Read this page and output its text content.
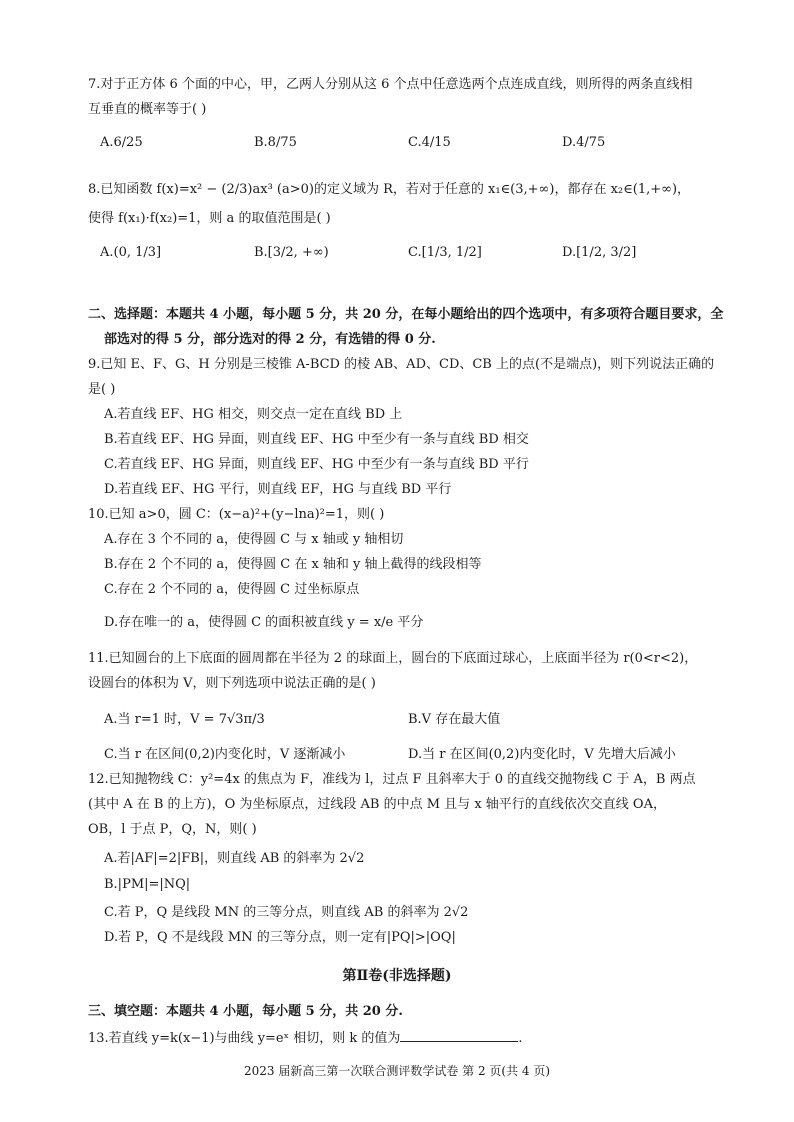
7.对于正方体 6 个面的中心，甲，乙两人分别从这 6 个点中任意选两个点连成直线，则所得的两条直线相
互垂直的概率等于( )
A.6/25	B.8/75	C.4/15	D.4/75
8.已知函数 f(x)=x² − (2/3)ax³ (a>0)的定义域为 R，若对于任意的 x₁∈(3,+∞)，都存在 x₂∈(1,+∞)，
使得 f(x₁)·f(x₂)=1，则 a 的取值范围是( )
A.(0, 1/3]	B.[3/2, +∞)	C.[1/3, 1/2]	D.[1/2, 3/2]
二、选择题：本题共 4 小题，每小题 5 分，共 20 分，在每小题给出的四个选项中，有多项符合题目要求，全
部选对的得 5 分，部分选对的得 2 分，有选错的得 0 分.
9.已知 E、F、G、H 分别是三棱锥 A-BCD 的棱 AB、AD、CD、CB 上的点(不是端点)，则下列说法正确的
是( )
A.若直线 EF、HG 相交，则交点一定在直线 BD 上
B.若直线 EF、HG 异面，则直线 EF、HG 中至少有一条与直线 BD 相交
C.若直线 EF、HG 异面，则直线 EF、HG 中至少有一条与直线 BD 平行
D.若直线 EF、HG 平行，则直线 EF，HG 与直线 BD 平行
10.已知 a>0，圆 C：(x−a)²+(y−lna)²=1，则( )
A.存在 3 个不同的 a，使得圆 C 与 x 轴或 y 轴相切
B.存在 2 个不同的 a，使得圆 C 在 x 轴和 y 轴上截得的线段相等
C.存在 2 个不同的 a，使得圆 C 过坐标原点
D.存在唯一的 a，使得圆 C 的面积被直线 y = x/e 平分
11.已知圆台的上下底面的圆周都在半径为 2 的球面上，圆台的下底面过球心，上底面半径为 r(0<r<2)，
设圆台的体积为 V，则下列选项中说法正确的是( )
A.当 r=1 时，V = 7√3π/3	B.V 存在最大值
C.当 r 在区间(0,2)内变化时，V 逐渐减小	D.当 r 在区间(0,2)内变化时，V 先增大后减小
12.已知抛物线 C：y²=4x 的焦点为 F，准线为 l，过点 F 且斜率大于 0 的直线交抛物线 C 于 A，B 两点
(其中 A 在 B 的上方)，O 为坐标原点，过线段 AB 的中点 M 且与 x 轴平行的直线依次交直线 OA，
OB，l 于点 P，Q，N，则( )
A.若|AF|=2|FB|，则直线 AB 的斜率为 2√2
B.|PM|=|NQ|
C.若 P，Q 是线段 MN 的三等分点，则直线 AB 的斜率为 2√2
D.若 P，Q 不是线段 MN 的三等分点，则一定有|PQ|>|OQ|
第Ⅱ卷(非选择题)
三、填空题：本题共 4 小题，每小题 5 分，共 20 分.
13.若直线 y=k(x−1)与曲线 y=eˣ 相切，则 k 的值为	.
2023 届新高三第一次联合测评数学试卷 第 2 页(共 4 页)
